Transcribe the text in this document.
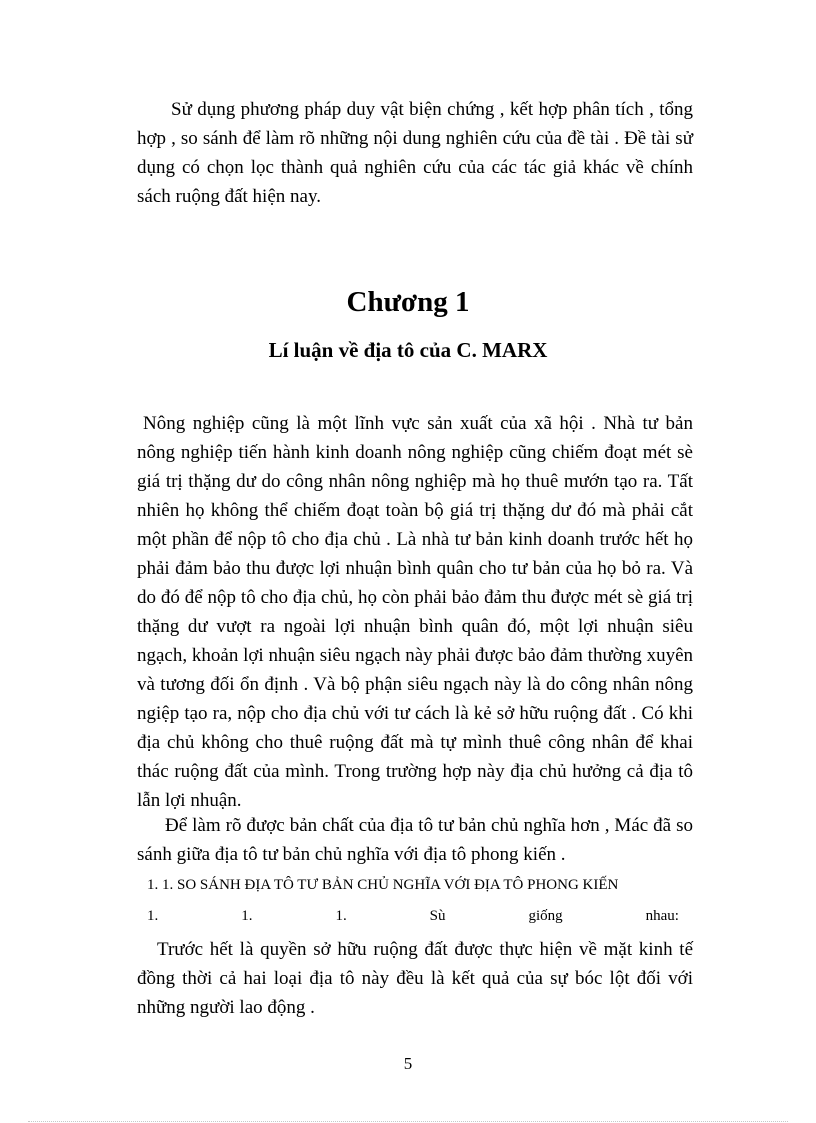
Sử dụng phương pháp duy vật biện chứng , kết hợp phân tích , tổng hợp , so sánh để làm rõ những nội dung nghiên cứu của đề tài . Đề tài sử dụng có chọn lọc thành quả nghiên cứu của các tác giả khác về chính sách ruộng đất hiện nay.

Chương 1
Lí luận về địa tô của C. MARX

Nông nghiệp cũng là một lĩnh vực sản xuất của xã hội . Nhà tư bản nông nghiệp tiến hành kinh doanh nông nghiệp cũng chiếm đoạt mét sè giá trị thặng dư do công nhân nông nghiệp mà họ thuê mướn tạo ra. Tất nhiên họ không thể chiếm đoạt toàn bộ giá trị thặng dư đó mà phải cắt một phần để nộp tô cho địa chủ . Là nhà tư bản kinh doanh trước hết họ phải đảm bảo thu được lợi nhuận bình quân cho tư bản của họ bỏ ra. Và do đó để nộp tô cho địa chủ, họ còn phải bảo đảm thu được mét sè giá trị thặng dư vượt ra ngoài lợi nhuận bình quân đó, một lợi nhuận siêu ngạch, khoản lợi nhuận siêu ngạch này phải được bảo đảm thường xuyên và tương đối ổn định . Và bộ phận siêu ngạch này là do công nhân nông ngiệp tạo ra, nộp cho địa chủ với tư cách là kẻ sở hữu ruộng đất . Có khi địa chủ không cho thuê ruộng đất mà tự mình thuê công nhân để khai thác ruộng đất của mình. Trong trường hợp này địa chủ hưởng cả địa tô lẫn lợi nhuận.

Để làm rõ được bản chất của địa tô tư bản chủ nghĩa hơn , Mác đã so sánh giữa địa tô tư bản chủ nghĩa với địa tô phong kiến .

1. 1. SO SÁNH ĐỊA TÔ TƯ BẢN CHỦ NGHĨA VỚI ĐỊA TÔ PHONG KIẾN
1.	1.	1.	Sù	giống	nhau:

Trước hết là quyền sở hữu ruộng đất được thực hiện về mặt kinh tế đồng thời cả hai loại địa tô này đều là kết quả của sự bóc lột đối với những người lao động .

5
